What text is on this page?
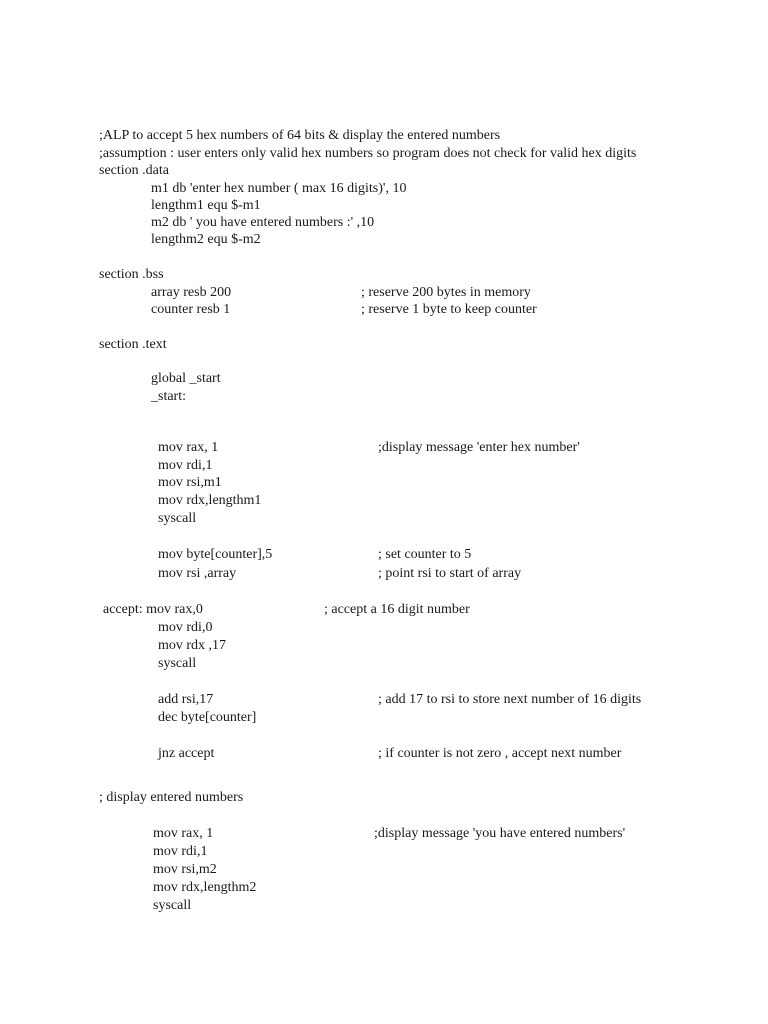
;ALP to accept 5 hex numbers of 64 bits & display the entered numbers
;assumption : user enters only valid hex numbers so program does not check for valid hex digits
section .data
m1 db 'enter hex number ( max 16 digits)', 10
lengthm1 equ $-m1
m2 db ' you have entered numbers :' ,10
lengthm2 equ $-m2
section .bss
array resb 200	; reserve 200 bytes in memory
counter resb 1	; reserve 1 byte to keep counter
section .text
global _start
_start:
mov rax, 1	;display message 'enter hex number'
mov rdi,1
mov rsi,m1
mov rdx,lengthm1
syscall
mov byte[counter],5	; set counter to 5
mov rsi ,array	; point rsi to start of array
accept: mov rax,0	; accept a 16 digit number
mov rdi,0
mov rdx ,17
syscall
add rsi,17	; add 17 to rsi to store next number of 16 digits
dec byte[counter]
jnz accept	; if counter is not zero , accept next number
; display entered numbers
mov rax, 1	;display message 'you have entered numbers'
mov rdi,1
mov rsi,m2
mov rdx,lengthm2
syscall
